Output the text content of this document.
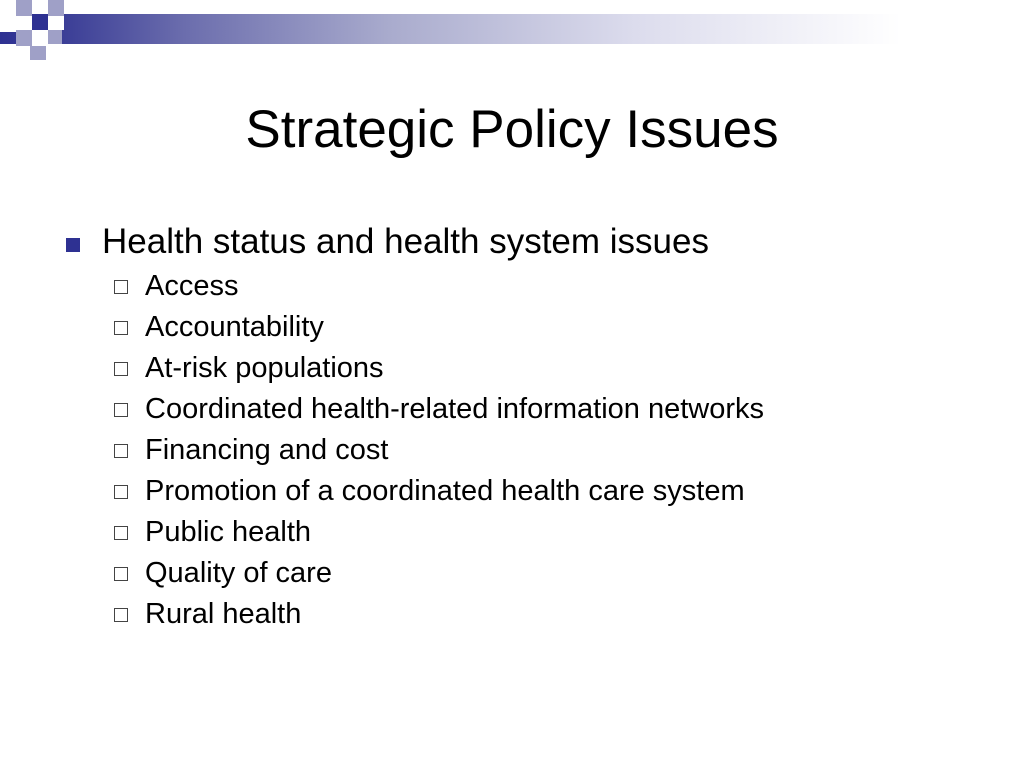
Strategic Policy Issues
Health status and health system issues
Access
Accountability
At-risk populations
Coordinated health-related information networks
Financing and cost
Promotion of a coordinated health care system
Public health
Quality of care
Rural health
